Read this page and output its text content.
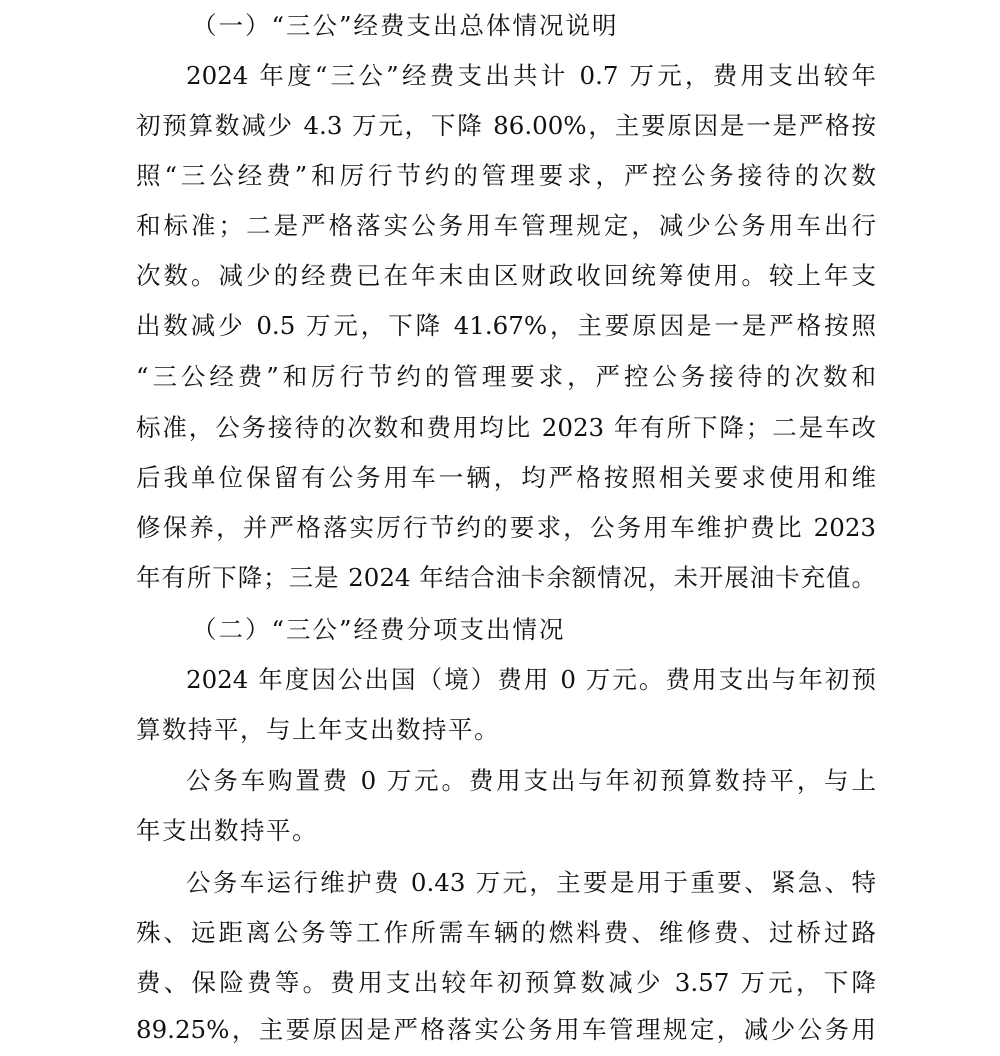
（一）“三公”经费支出总体情况说明
2024 年度“三公”经费支出共计 0.7 万元，费用支出较年
初预算数减少 4.3 万元，下降 86.00%，主要原因是一是严格按
照“三公经费”和厉行节约的管理要求，严控公务接待的次数
和标准；二是严格落实公务用车管理规定，减少公务用车出行
次数。减少的经费已在年末由区财政收回统筹使用。较上年支
出数减少 0.5 万元，下降 41.67%，主要原因是一是严格按照
“三公经费”和厉行节约的管理要求，严控公务接待的次数和
标准，公务接待的次数和费用均比 2023 年有所下降；二是车改
后我单位保留有公务用车一辆，均严格按照相关要求使用和维
修保养，并严格落实厉行节约的要求，公务用车维护费比 2023
年有所下降；三是 2024 年结合油卡余额情况，未开展油卡充值。
（二）“三公”经费分项支出情况
2024 年度因公出国（境）费用 0 万元。费用支出与年初预
算数持平，与上年支出数持平。
公务车购置费 0 万元。费用支出与年初预算数持平，与上
年支出数持平。
公务车运行维护费 0.43 万元，主要是用于重要、紧急、特
殊、远距离公务等工作所需车辆的燃料费、维修费、过桥过路
费、保险费等。费用支出较年初预算数减少 3.57 万元，下降
89.25%，主要原因是严格落实公务用车管理规定，减少公务用
